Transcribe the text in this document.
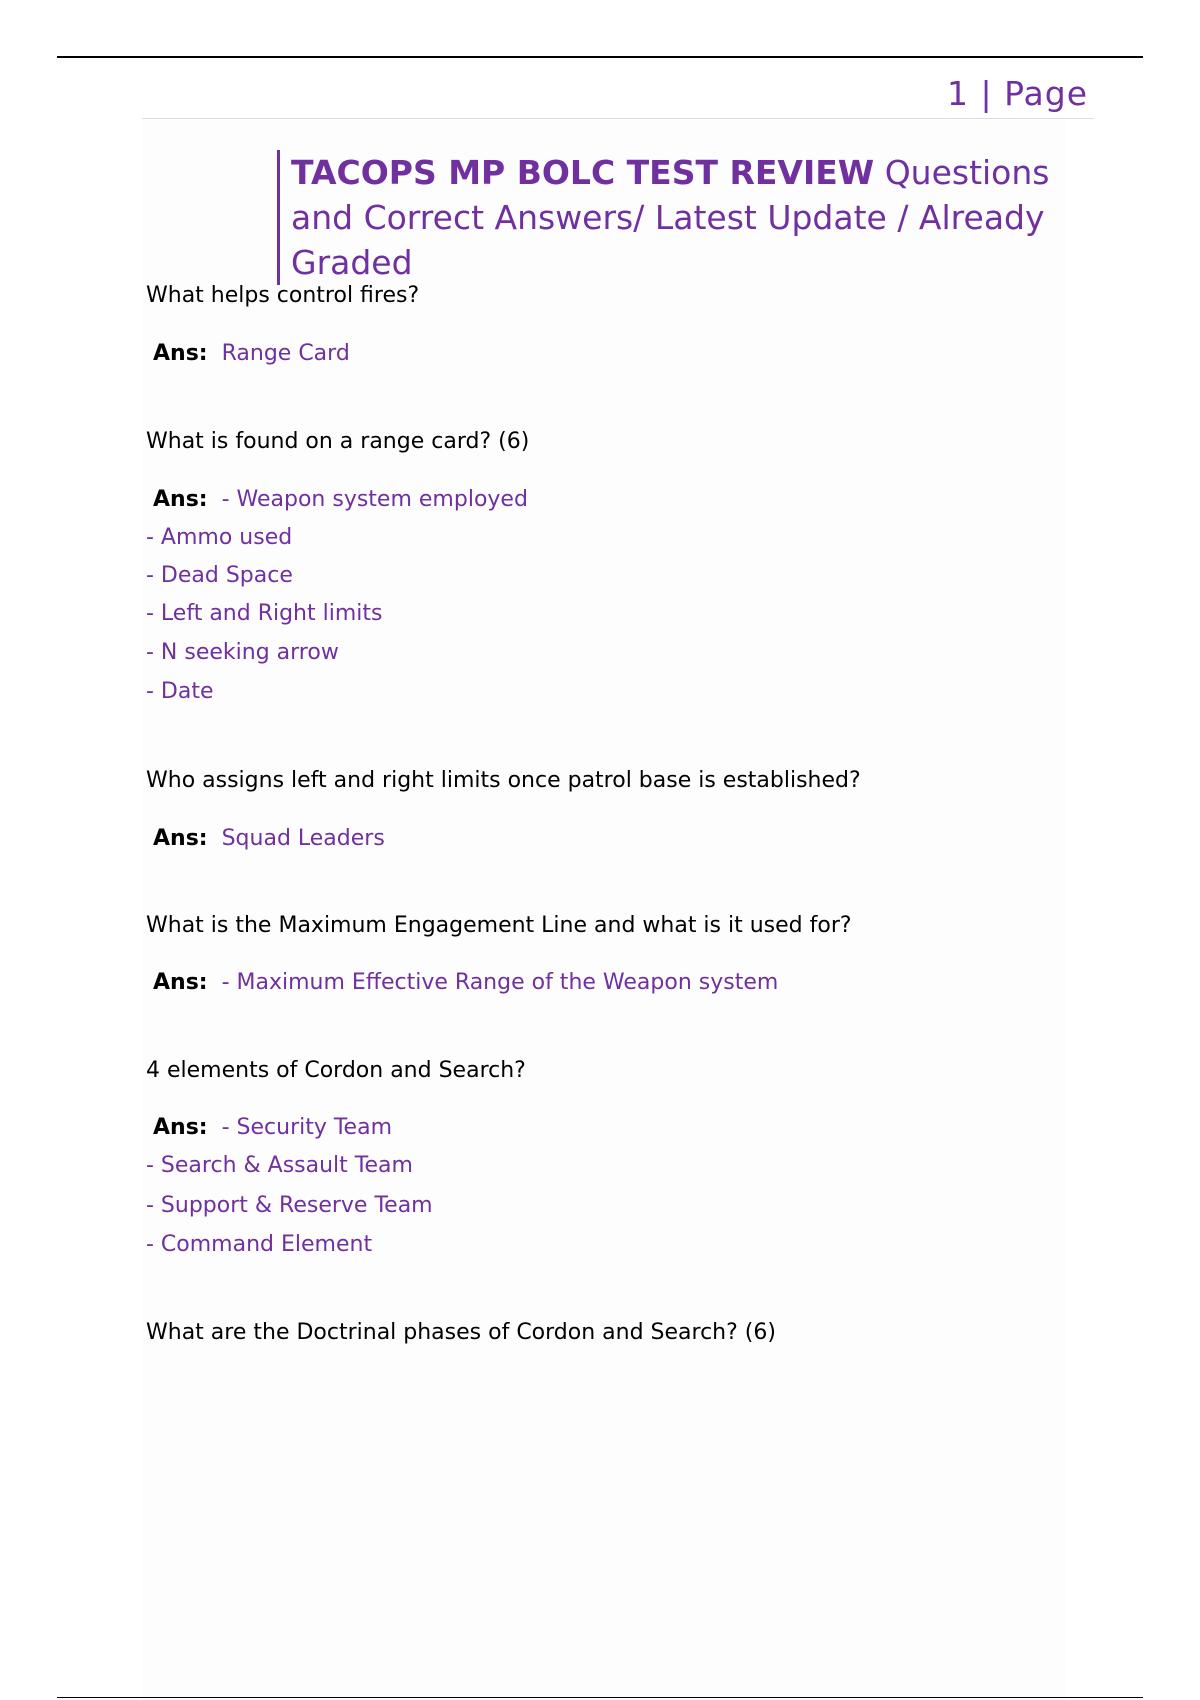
1 | Page
TACOPS MP BOLC TEST REVIEW Questions and Correct Answers/ Latest Update / Already Graded
What helps control fires?
Ans: Range Card
What is found on a range card? (6)
Ans: - Weapon system employed
- Ammo used
- Dead Space
- Left and Right limits
- N seeking arrow
- Date
Who assigns left and right limits once patrol base is established?
Ans: Squad Leaders
What is the Maximum Engagement Line and what is it used for?
Ans: - Maximum Effective Range of the Weapon system
4 elements of Cordon and Search?
Ans: - Security Team
- Search & Assault Team
- Support & Reserve Team
- Command Element
What are the Doctrinal phases of Cordon and Search? (6)
